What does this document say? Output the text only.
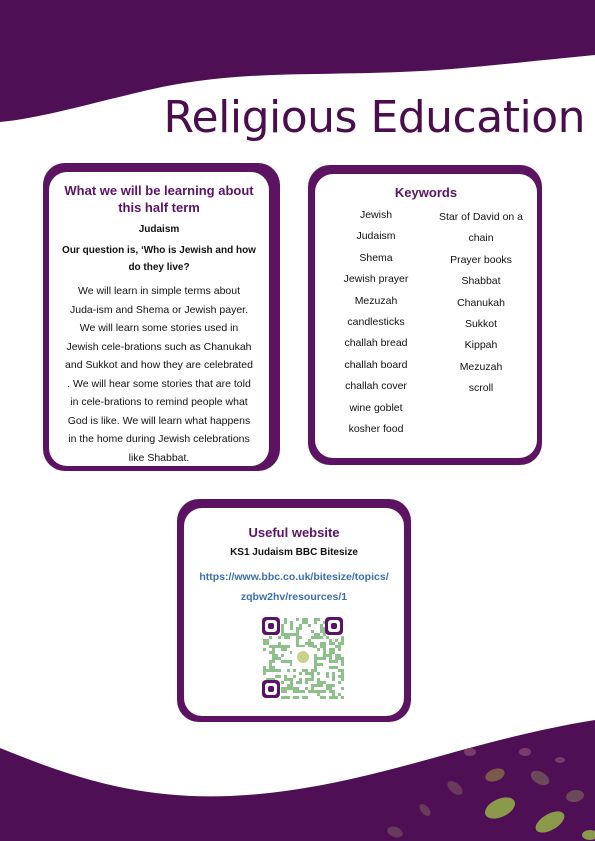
Religious Education
What we will be learning about this half term
Judaism
Our question is, ‘Who is Jewish and how do they live?
We will learn in simple terms about Juda-ism and Shema or Jewish payer. We will learn some stories used in Jewish cele-brations such as Chanukah and Sukkot and how they are celebrated . We will hear some stories that are told in cele-brations to remind people what God is like. We will learn what happens in the home during Jewish celebrations like Shabbat.
Keywords
Jewish
Judaism
Shema
Jewish prayer
Mezuzah
candlesticks
challah bread
challah board
challah cover
wine goblet
kosher food
Star of David on a chain
Prayer books
Shabbat
Chanukah
Sukkot
Kippah
Mezuzah
scroll
Useful website
KS1 Judaism BBC Bitesize
https://www.bbc.co.uk/bitesize/topics/zqbw2hv/resources/1
